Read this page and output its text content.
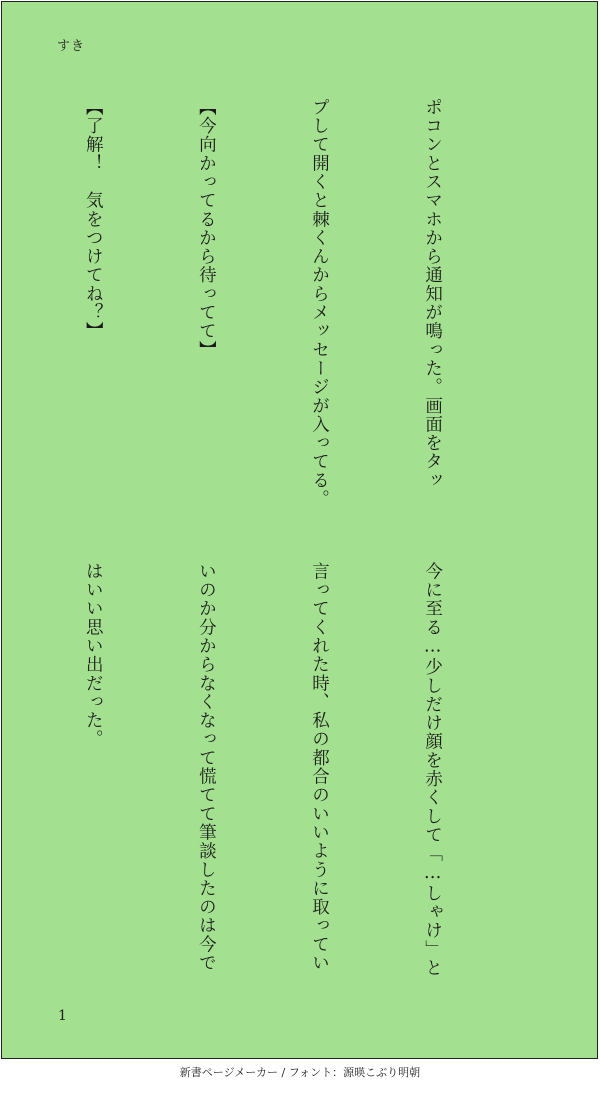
すき

ポコンとスマホから通知が鳴った。画面をタッ

プして開くと棘くんからメッセージが入ってる。

【今向かってるから待ってて】

【了解！　気をつけてね？】

今に至る…少しだけ顔を赤くして「…しゃけ」と

言ってくれた時、私の都合のいいように取ってい

いのか分からなくなって慌てて筆談したのは今で

はいい思い出だった。

1
新書ページメーカー / フォント：源暎こぶり明朝
